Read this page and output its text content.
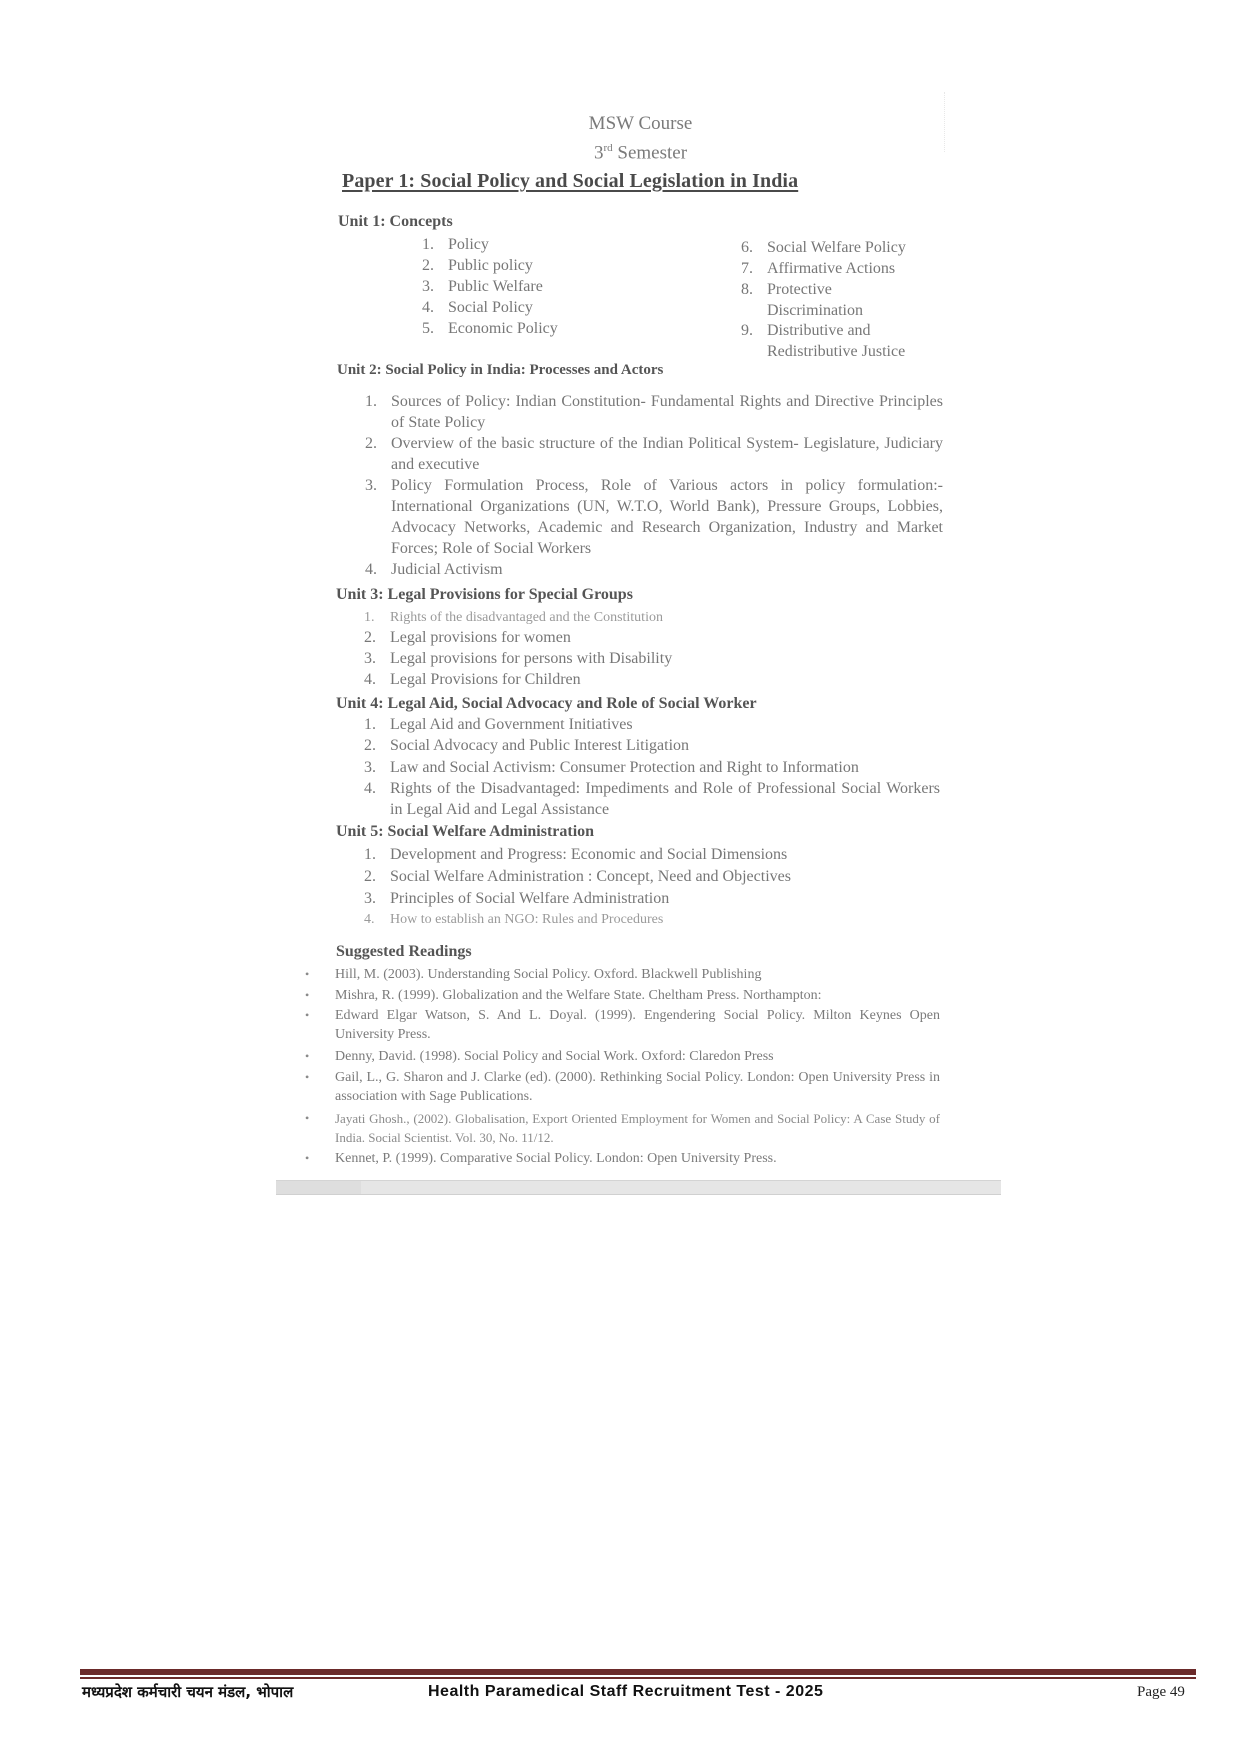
MSW Course
3rd Semester
Paper 1: Social Policy and Social Legislation in India
Unit 1: Concepts
1. Policy
2. Public policy
3. Public Welfare
4. Social Policy
5. Economic Policy
6. Social Welfare Policy
7. Affirmative Actions
8. Protective
Discrimination
9. Distributive and
Redistributive Justice
Unit 2: Social Policy in India: Processes and Actors
1. Sources of Policy: Indian Constitution- Fundamental Rights and Directive Principles of State Policy
2. Overview of the basic structure of the Indian Political System- Legislature, Judiciary and executive
3. Policy Formulation Process, Role of Various actors in policy formulation:-International Organizations (UN, W.T.O, World Bank), Pressure Groups, Lobbies, Advocacy Networks, Academic and Research Organization, Industry and Market Forces; Role of Social Workers
4. Judicial Activism
Unit 3: Legal Provisions for Special Groups
1. Rights of the disadvantaged and the Constitution
2. Legal provisions for women
3. Legal provisions for persons with Disability
4. Legal Provisions for Children
Unit 4: Legal Aid, Social Advocacy and Role of Social Worker
1. Legal Aid and Government Initiatives
2. Social Advocacy and Public Interest Litigation
3. Law and Social Activism: Consumer Protection and Right to Information
4. Rights of the Disadvantaged: Impediments and Role of Professional Social Workers in Legal Aid and Legal Assistance
Unit 5: Social Welfare Administration
1. Development and Progress: Economic and Social Dimensions
2. Social Welfare Administration : Concept, Need and Objectives
3. Principles of Social Welfare Administration
4. How to establish an NGO: Rules and Procedures
Suggested Readings
• Hill, M. (2003). Understanding Social Policy. Oxford. Blackwell Publishing
• Mishra, R. (1999). Globalization and the Welfare State. Cheltham Press. Northampton:
• Edward Elgar Watson, S. And L. Doyal. (1999). Engendering Social Policy. Milton Keynes Open University Press.
• Denny, David. (1998). Social Policy and Social Work. Oxford: Claredon Press
• Gail, L., G. Sharon and J. Clarke (ed). (2000). Rethinking Social Policy. London: Open University Press in association with Sage Publications.
• Jayati Ghosh., (2002). Globalisation, Export Oriented Employment for Women and Social Policy: A Case Study of India. Social Scientist. Vol. 30, No. 11/12.
• Kennet, P. (1999). Comparative Social Policy. London: Open University Press.
मध्यप्रदेश कर्मचारी चयन मंडल, भोपाल	Health Paramedical Staff Recruitment Test - 2025	Page 49
